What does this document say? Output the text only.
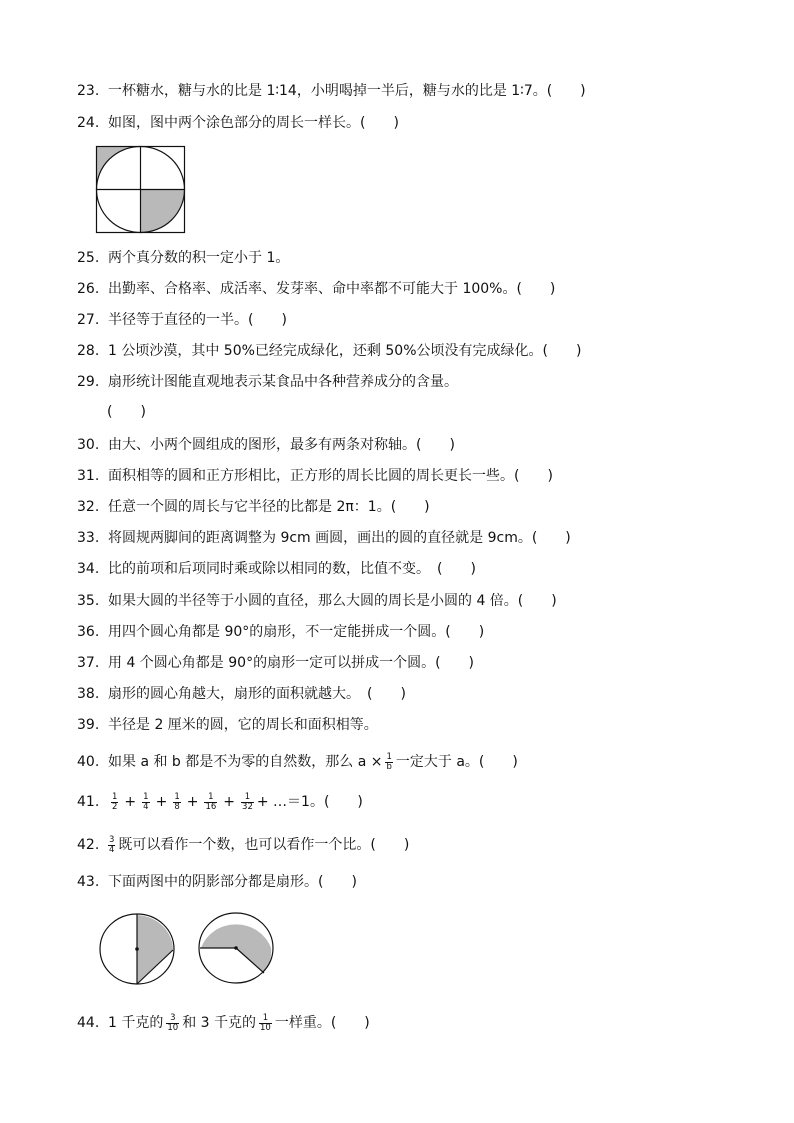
23. 一杯糖水，糖与水的比是 1∶14，小明喝掉一半后，糖与水的比是 1∶7。(　　)
24. 如图，图中两个涂色部分的周长一样长。(　　)
25. 两个真分数的积一定小于 1。
26. 出勤率、合格率、成活率、发芽率、命中率都不可能大于 100%。(　　)
27. 半径等于直径的一半。(　　)
28. 1 公顷沙漠，其中 50%已经完成绿化，还剩 50%公顷没有完成绿化。(　　)
29. 扇形统计图能直观地表示某食品中各种营养成分的含量。
(　　)
30. 由大、小两个圆组成的图形，最多有两条对称轴。(　　)
31. 面积相等的圆和正方形相比，正方形的周长比圆的周长更长一些。(　　)
32. 任意一个圆的周长与它半径的比都是 2π：1。(　　)
33. 将圆规两脚间的距离调整为 9cm 画圆，画出的圆的直径就是 9cm。(　　)
34. 比的前项和后项同时乘或除以相同的数，比值不变。　(　　)
35. 如果大圆的半径等于小圆的直径，那么大圆的周长是小圆的 4 倍。(　　)
36. 用四个圆心角都是 90°的扇形，不一定能拼成一个圆。(　　)
37. 用 4 个圆心角都是 90°的扇形一定可以拼成一个圆。(　　)
38. 扇形的圆心角越大，扇形的面积就越大。　(　　)
39. 半径是 2 厘米的圆，它的周长和面积相等。
40. 如果 a 和 b 都是不为零的自然数，那么 $a \times \frac{1}{b}$ 一定大于 a。(　　)
41. $\frac{1}{2} + \frac{1}{4} + \frac{1}{8} + \frac{1}{16} + \frac{1}{32}$ + …＝1。(　　)
42. $\frac{3}{4}$ 既可以看作一个数，也可以看作一个比。(　　)
43. 下面两图中的阴影部分都是扇形。(　　)
44. 1 千克的 $\frac{3}{10}$ 和 3 千克的 $\frac{1}{10}$ 一样重。(　　)
